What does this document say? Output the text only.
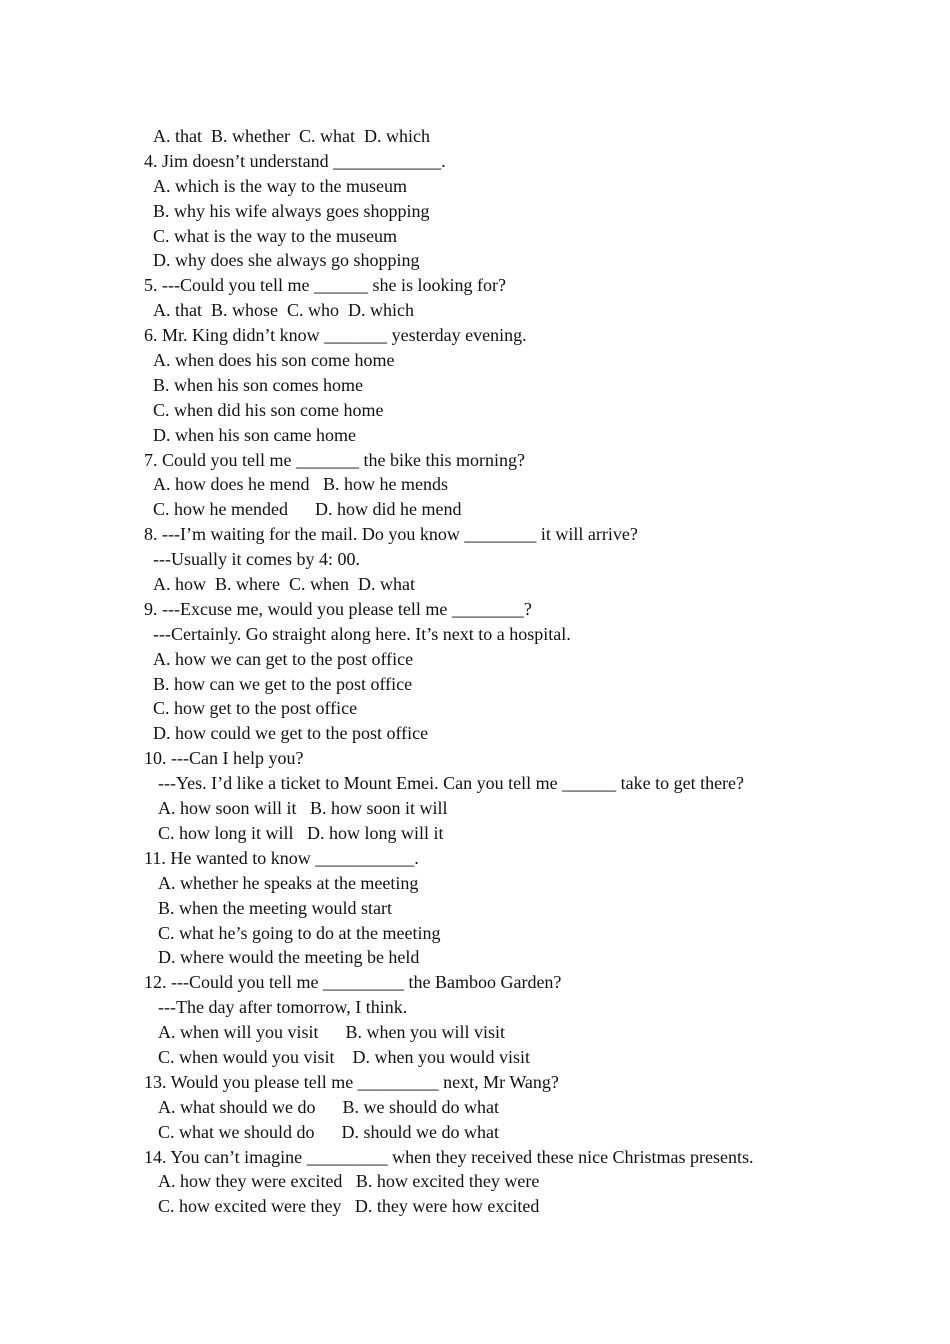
A. that  B. whether  C. what  D. which
4. Jim doesn’t understand ____________.
A. which is the way to the museum
B. why his wife always goes shopping
C. what is the way to the museum
D. why does she always go shopping
5. ---Could you tell me ______ she is looking for?
A. that  B. whose  C. who  D. which
6. Mr. King didn’t know _______ yesterday evening.
A. when does his son come home
B. when his son comes home
C. when did his son come home
D. when his son came home
7. Could you tell me _______ the bike this morning?
A. how does he mend   B. how he mends
C. how he mended      D. how did he mend
8. ---I’m waiting for the mail. Do you know ________ it will arrive?
---Usually it comes by 4: 00.
A. how  B. where  C. when  D. what
9. ---Excuse me, would you please tell me ________?
---Certainly. Go straight along here. It’s next to a hospital.
A. how we can get to the post office
B. how can we get to the post office
C. how get to the post office
D. how could we get to the post office
10. ---Can I help you?
---Yes. I’d like a ticket to Mount Emei. Can you tell me ______ take to get there?
A. how soon will it   B. how soon it will
C. how long it will   D. how long will it
11. He wanted to know ___________.
A. whether he speaks at the meeting
B. when the meeting would start
C. what he’s going to do at the meeting
D. where would the meeting be held
12. ---Could you tell me _________ the Bamboo Garden?
---The day after tomorrow, I think.
A. when will you visit      B. when you will visit
C. when would you visit    D. when you would visit
13. Would you please tell me _________ next, Mr Wang?
A. what should we do      B. we should do what
C. what we should do      D. should we do what
14. You can’t imagine _________ when they received these nice Christmas presents.
A. how they were excited   B. how excited they were
C. how excited were they   D. they were how excited
